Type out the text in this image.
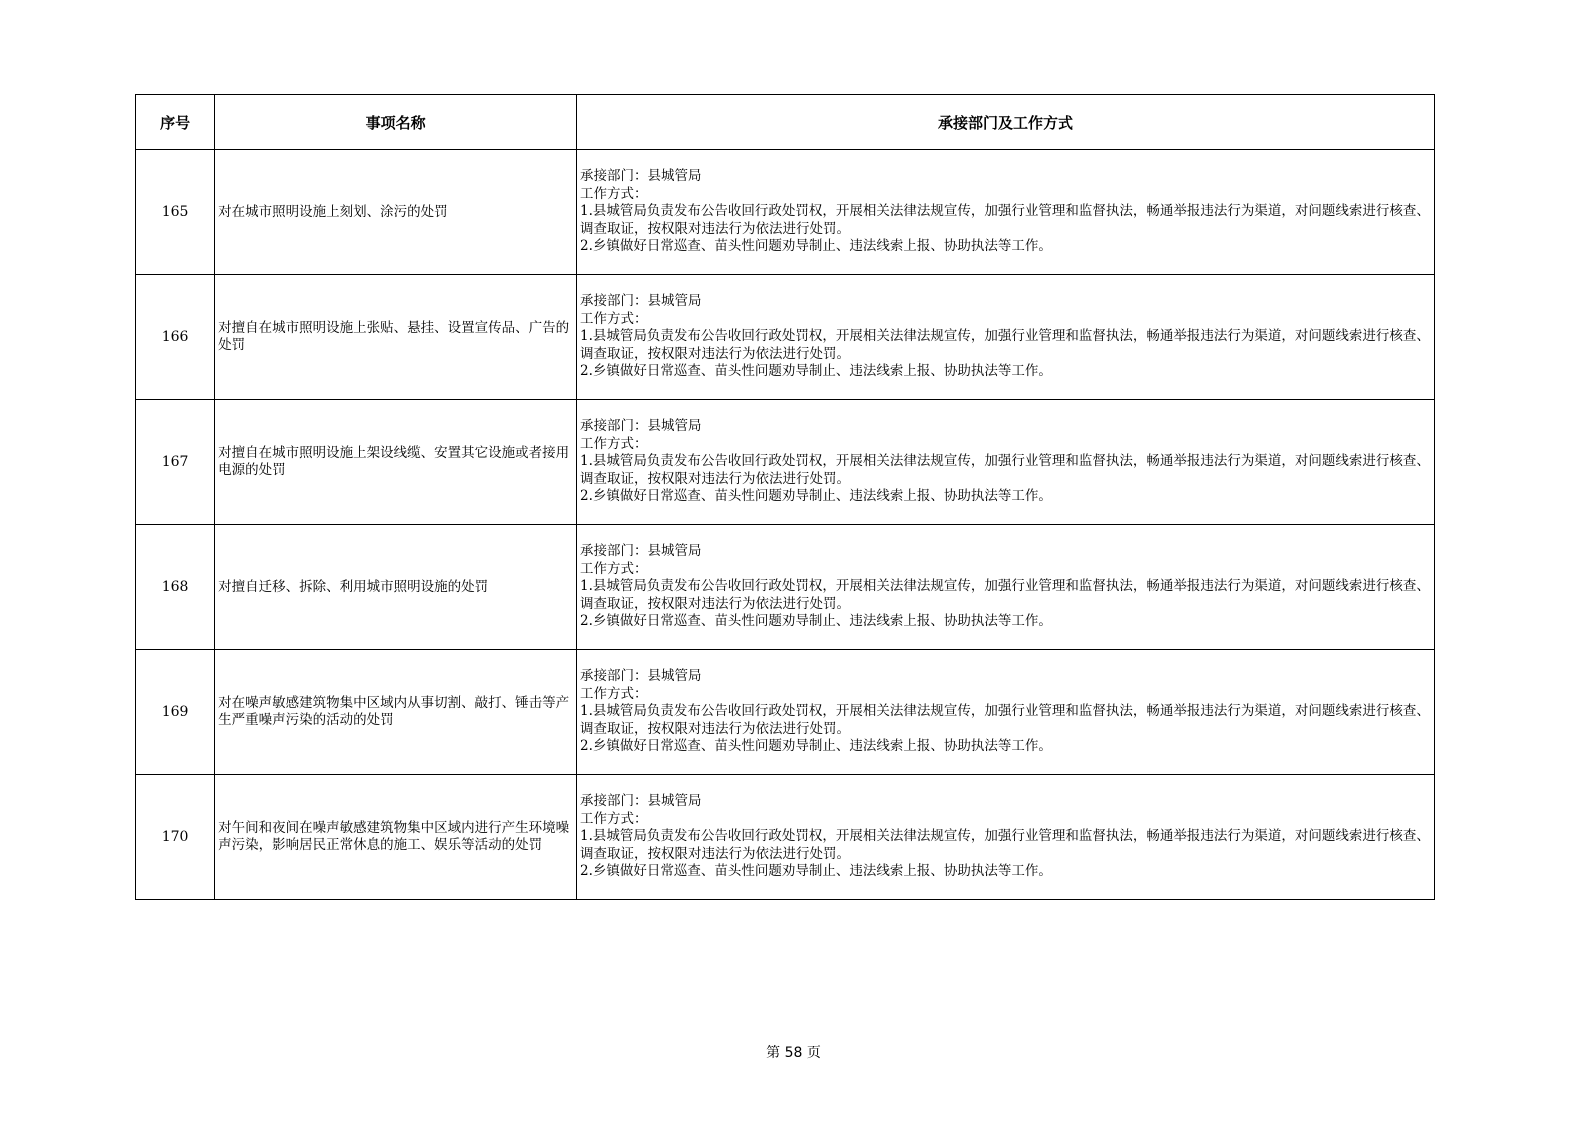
序号	事项名称	承接部门及工作方式
165	对在城市照明设施上刻划、涂污的处罚	承接部门：县城管局
工作方式：
1.县城管局负责发布公告收回行政处罚权，开展相关法律法规宣传，加强行业管理和监督执法，畅通举报违法行为渠道，对问题线索进行核查、调查取证，按权限对违法行为依法进行处罚。
2.乡镇做好日常巡查、苗头性问题劝导制止、违法线索上报、协助执法等工作。

166	对擅自在城市照明设施上张贴、悬挂、设置宣传品、广告的处罚	承接部门：县城管局
工作方式：
1.县城管局负责发布公告收回行政处罚权，开展相关法律法规宣传，加强行业管理和监督执法，畅通举报违法行为渠道，对问题线索进行核查、调查取证，按权限对违法行为依法进行处罚。
2.乡镇做好日常巡查、苗头性问题劝导制止、违法线索上报、协助执法等工作。

167	对擅自在城市照明设施上架设线缆、安置其它设施或者接用电源的处罚	承接部门：县城管局
工作方式：
1.县城管局负责发布公告收回行政处罚权，开展相关法律法规宣传，加强行业管理和监督执法，畅通举报违法行为渠道，对问题线索进行核查、调查取证，按权限对违法行为依法进行处罚。
2.乡镇做好日常巡查、苗头性问题劝导制止、违法线索上报、协助执法等工作。

168	对擅自迁移、拆除、利用城市照明设施的处罚	承接部门：县城管局
工作方式：
1.县城管局负责发布公告收回行政处罚权，开展相关法律法规宣传，加强行业管理和监督执法，畅通举报违法行为渠道，对问题线索进行核查、调查取证，按权限对违法行为依法进行处罚。
2.乡镇做好日常巡查、苗头性问题劝导制止、违法线索上报、协助执法等工作。

169	对在噪声敏感建筑物集中区域内从事切割、敲打、锤击等产生严重噪声污染的活动的处罚	承接部门：县城管局
工作方式：
1.县城管局负责发布公告收回行政处罚权，开展相关法律法规宣传，加强行业管理和监督执法，畅通举报违法行为渠道，对问题线索进行核查、调查取证，按权限对违法行为依法进行处罚。
2.乡镇做好日常巡查、苗头性问题劝导制止、违法线索上报、协助执法等工作。

170	对午间和夜间在噪声敏感建筑物集中区域内进行产生环境噪声污染，影响居民正常休息的施工、娱乐等活动的处罚	承接部门：县城管局
工作方式：
1.县城管局负责发布公告收回行政处罚权，开展相关法律法规宣传，加强行业管理和监督执法，畅通举报违法行为渠道，对问题线索进行核查、调查取证，按权限对违法行为依法进行处罚。
2.乡镇做好日常巡查、苗头性问题劝导制止、违法线索上报、协助执法等工作。
第 58 页
